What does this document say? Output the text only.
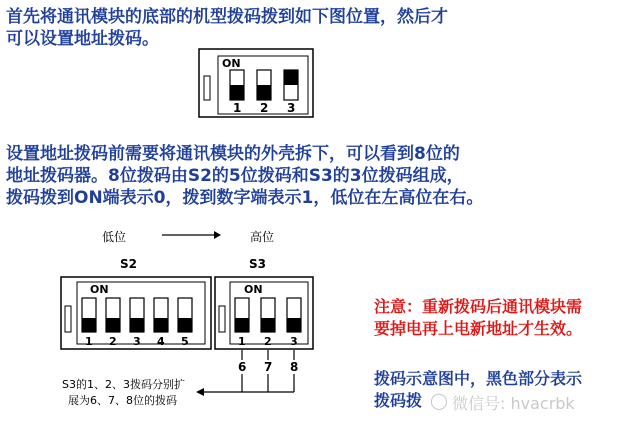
首先将通讯模块的底部的机型拨码拨到如下图位置，然后才

可以设置地址拨码。

ON
1 2 3

设置地址拨码前需要将通讯模块的外壳拆下，可以看到8位的

地址拨码器。8位拨码由S2的5位拨码和S3的3位拨码组成，

拨码拨到ON端表示0，拨到数字端表示1，低位在左高位在右。

低位	高位
S2	S3
ON
1 2 3 4 5
ON
1 2 3
6 7 8
S3的1、2、3拨码分别扩
展为6、7、8位的拨码

注意：重新拨码后通讯模块需

要掉电再上电新地址才生效。

拨码示意图中，黑色部分表示

拨码拨 ◯ 微信号: hvacrbk
